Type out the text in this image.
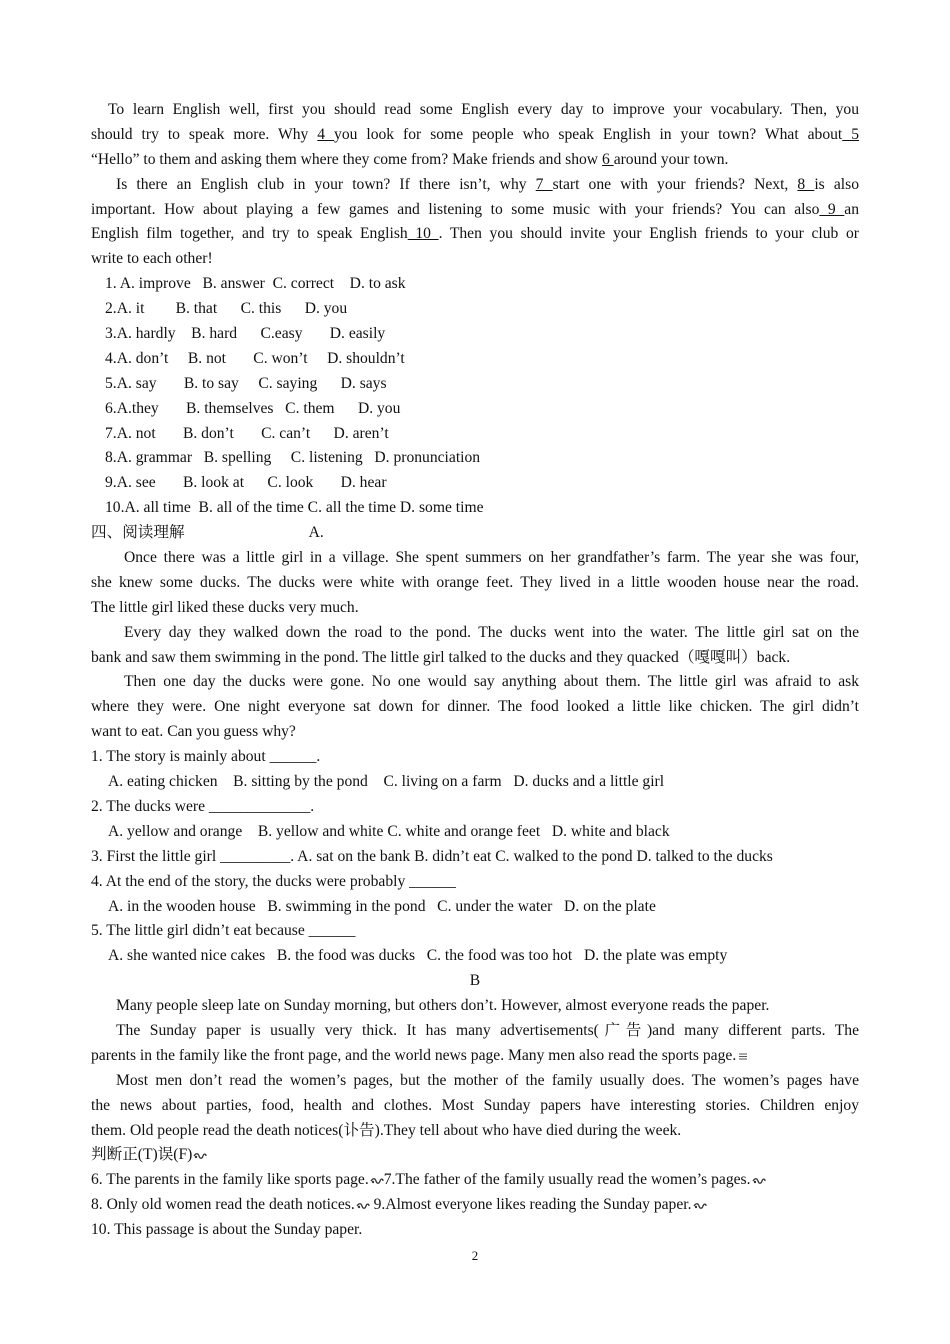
To learn English well, first you should read some English every day to improve your vocabulary. Then, you
should try to speak more. Why 4 you look for some people who speak English in your town? What about 5
“Hello” to them and asking them where they come from? Make friends and show 6 around your town.
Is there an English club in your town? If there isn’t, why 7 start one with your friends? Next, 8 is also
important. How about playing a few games and listening to some music with your friends? You can also 9 an
English film together, and try to speak English 10 . Then you should invite your English friends to your club or
write to each other!
1. A. improve   B. answer  C. correct    D. to ask
2.A. it        B. that      C. this      D. you
3.A. hardly    B. hard      C.easy       D. easily
4.A. don’t     B. not       C. won’t     D. shouldn’t
5.A. say       B. to say     C. saying      D. says
6.A.they       B. themselves   C. them      D. you
7.A. not       B. don’t       C. can’t      D. aren’t
8.A. grammar   B. spelling     C. listening   D. pronunciation
9.A. see       B. look at      C. look       D. hear
10.A. all time  B. all of the time C. all the time D. some time
四、阅读理解	A.
Once there was a little girl in a village. She spent summers on her grandfather’s farm. The year she was four,
she knew some ducks. The ducks were white with orange feet. They lived in a little wooden house near the road.
The little girl liked these ducks very much.
Every day they walked down the road to the pond. The ducks went into the water. The little girl sat on the
bank and saw them swimming in the pond. The little girl talked to the ducks and they quacked（嘎嘎叫）back.
Then one day the ducks were gone. No one would say anything about them. The little girl was afraid to ask
where they were. One night everyone sat down for dinner. The food looked a little like chicken. The girl didn’t
want to eat. Can you guess why?
1. The story is mainly about ______.
A. eating chicken    B. sitting by the pond    C. living on a farm   D. ducks and a little girl
2. The ducks were _____________.
A. yellow and orange    B. yellow and white C. white and orange feet   D. white and black
3. First the little girl _________. A. sat on the bank B. didn’t eat C. walked to the pond D. talked to the ducks
4. At the end of the story, the ducks were probably ______
A. in the wooden house   B. swimming in the pond   C. under the water   D. on the plate
5. The little girl didn’t eat because ______
A. she wanted nice cakes   B. the food was ducks   C. the food was too hot   D. the plate was empty
B
Many people sleep late on Sunday morning, but others don’t. However, almost everyone reads the paper.
The Sunday paper is usually very thick. It has many advertisements(广告)and many different parts. The
parents in the family like the front page, and the world news page. Many men also read the sports page.
Most men don’t read the women’s pages, but the mother of the family usually does. The women’s pages have
the news about parties, food, health and clothes. Most Sunday papers have interesting stories. Children enjoy
them. Old people read the death notices(讣告).They tell about who have died during the week.
判断正(T)误(F)
6. The parents in the family like sports page. 7.The father of the family usually read the women’s pages.
8. Only old women read the death notices. 9.Almost everyone likes reading the Sunday paper.
10. This passage is about the Sunday paper.
2
